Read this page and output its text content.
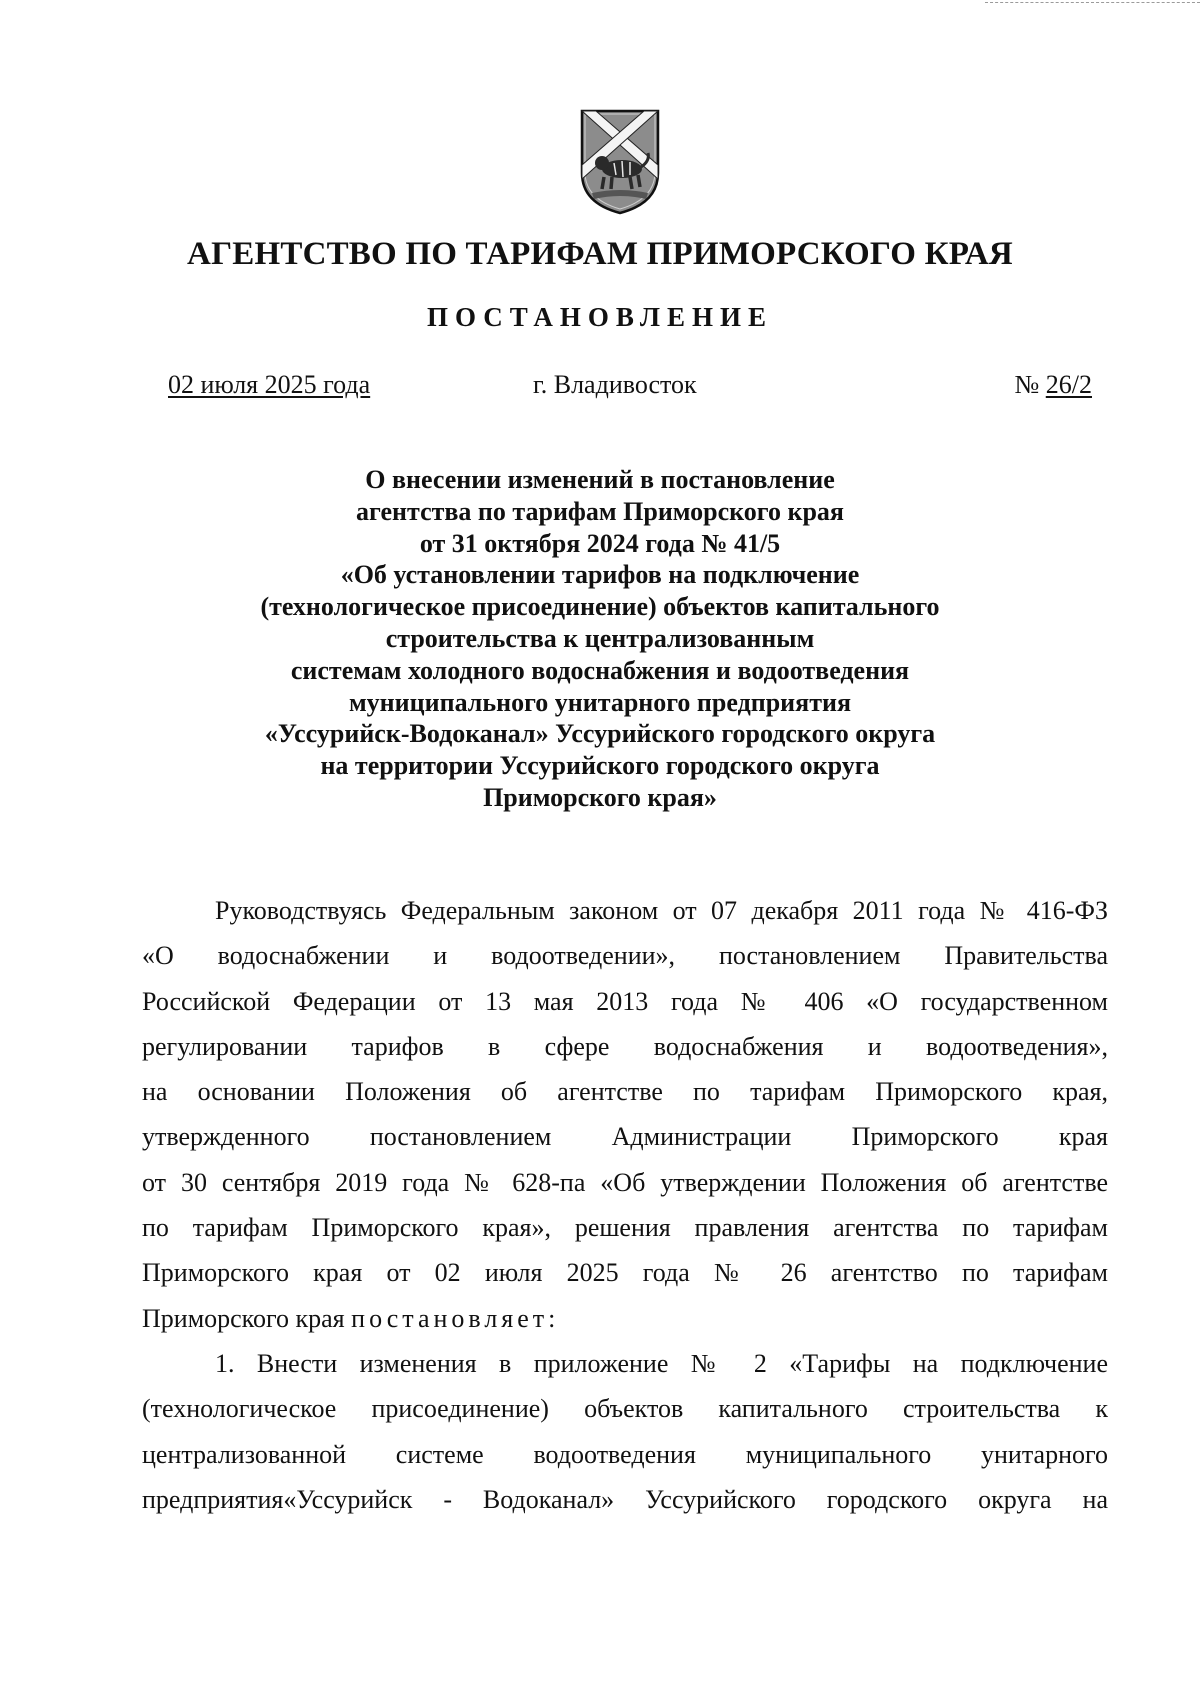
АГЕНТСТВО ПО ТАРИФАМ ПРИМОРСКОГО КРАЯ
ПОСТАНОВЛЕНИЕ
02 июля 2025 года	г. Владивосток	№ 26/2
О внесении изменений в постановление
агентства по тарифам Приморского края
от 31 октября 2024 года № 41/5
«Об установлении тарифов на подключение
(технологическое присоединение) объектов капитального
строительства к централизованным
системам холодного водоснабжения и водоотведения
муниципального унитарного предприятия
«Уссурийск-Водоканал» Уссурийского городского округа
на территории Уссурийского городского округа
Приморского края»
Руководствуясь Федеральным законом от 07 декабря 2011 года № 416-ФЗ
«О водоснабжении и водоотведении», постановлением Правительства
Российской Федерации от 13 мая 2013 года № 406 «О государственном
регулировании тарифов в сфере водоснабжения и водоотведения»,
на основании Положения об агентстве по тарифам Приморского края,
утвержденного постановлением Администрации Приморского края
от 30 сентября 2019 года № 628-па «Об утверждении Положения об агентстве
по тарифам Приморского края», решения правления агентства по тарифам
Приморского края от 02 июля 2025 года № 26 агентство по тарифам
Приморского края постановляет:
1. Внести изменения в приложение № 2 «Тарифы на подключение
(технологическое присоединение) объектов капитального строительства к
централизованной системе водоотведения муниципального унитарного
предприятия«Уссурийск - Водоканал» Уссурийского городского округа на
